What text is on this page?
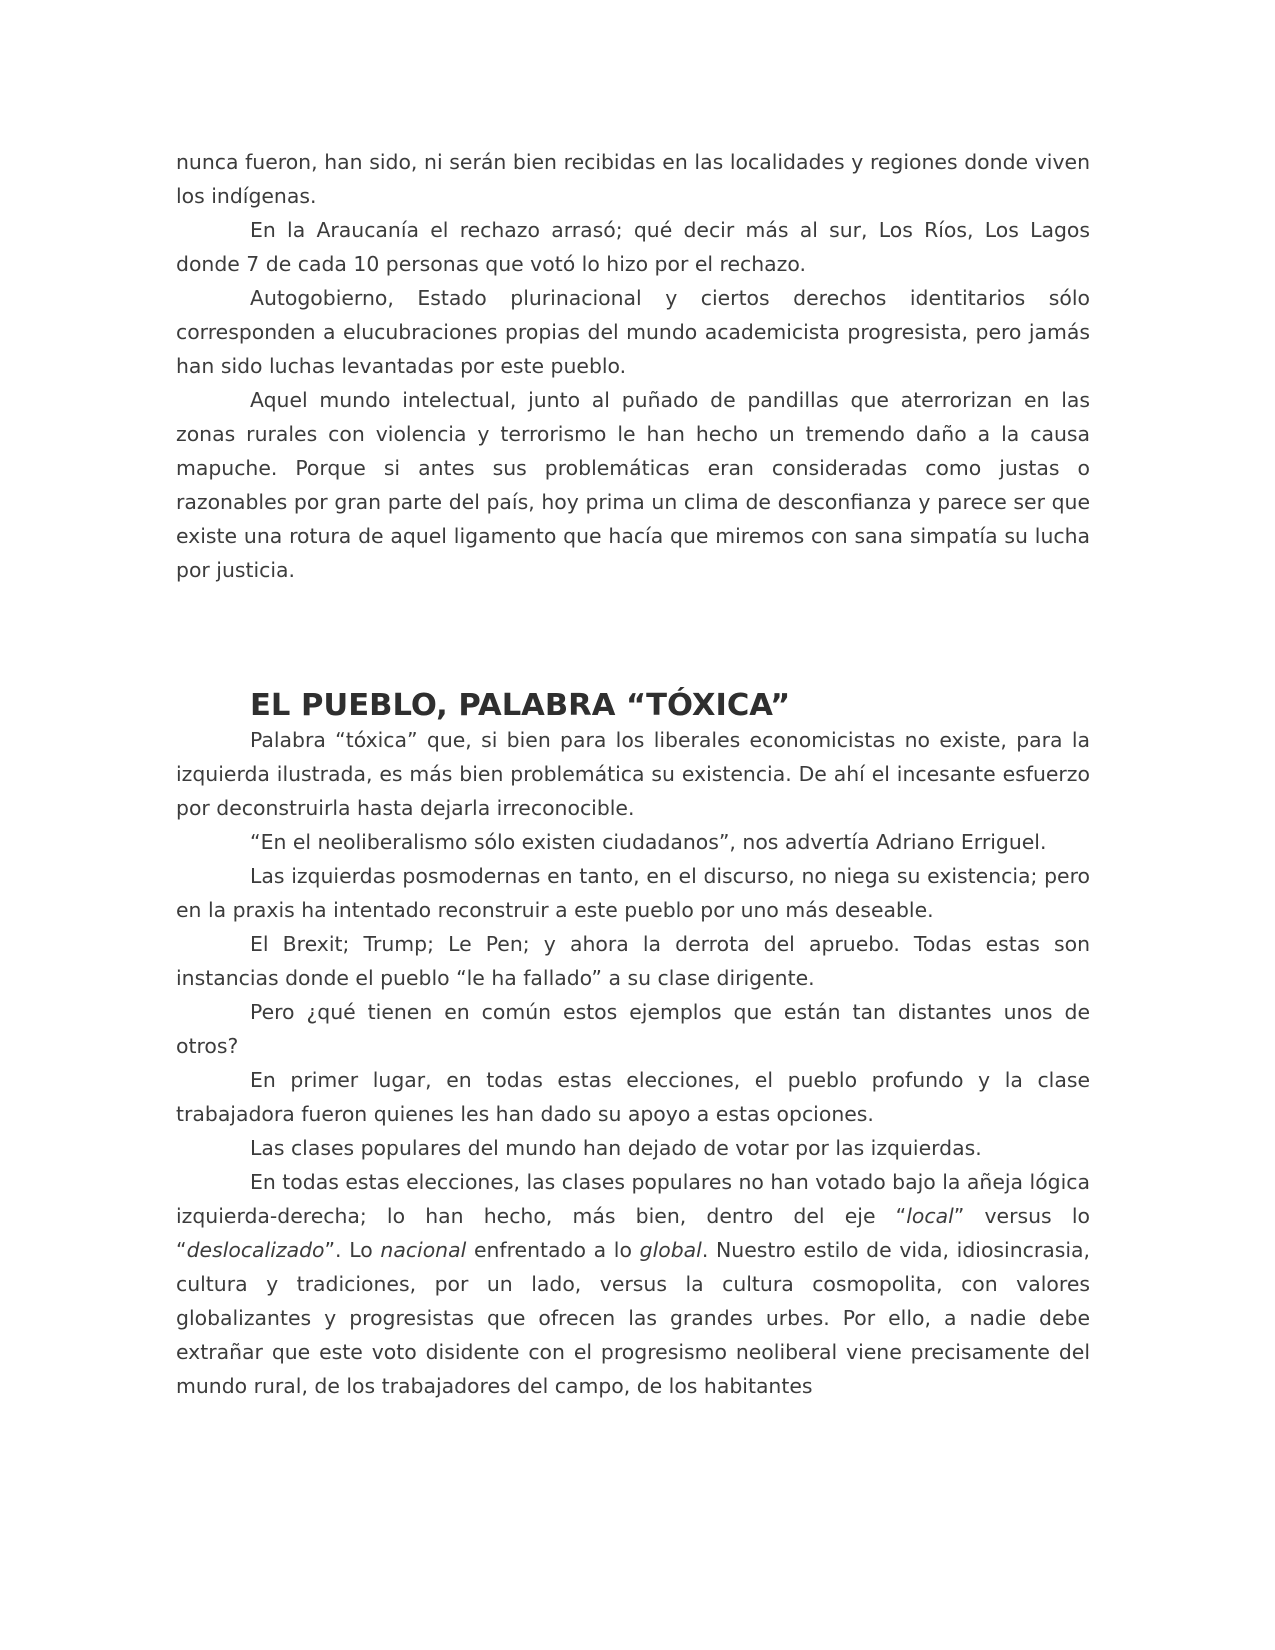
nunca fueron, han sido, ni serán bien recibidas en las localidades y regiones donde viven los indígenas.

En la Araucanía el rechazo arrasó; qué decir más al sur, Los Ríos, Los Lagos donde 7 de cada 10 personas que votó lo hizo por el rechazo.

Autogobierno, Estado plurinacional y ciertos derechos identitarios sólo corresponden a elucubraciones propias del mundo academicista progresista, pero jamás han sido luchas levantadas por este pueblo.

Aquel mundo intelectual, junto al puñado de pandillas que aterrorizan en las zonas rurales con violencia y terrorismo le han hecho un tremendo daño a la causa mapuche. Porque si antes sus problemáticas eran consideradas como justas o razonables por gran parte del país, hoy prima un clima de desconfianza y parece ser que existe una rotura de aquel ligamento que hacía que miremos con sana simpatía su lucha por justicia.

EL PUEBLO, PALABRA “TÓXICA”

Palabra “tóxica” que, si bien para los liberales economicistas no existe, para la izquierda ilustrada, es más bien problemática su existencia. De ahí el incesante esfuerzo por deconstruirla hasta dejarla irreconocible.

“En el neoliberalismo sólo existen ciudadanos”, nos advertía Adriano Erriguel.

Las izquierdas posmodernas en tanto, en el discurso, no niega su existencia; pero en la praxis ha intentado reconstruir a este pueblo por uno más deseable.

El Brexit; Trump; Le Pen; y ahora la derrota del apruebo. Todas estas son instancias donde el pueblo “le ha fallado” a su clase dirigente.

Pero ¿qué tienen en común estos ejemplos que están tan distantes unos de otros?

En primer lugar, en todas estas elecciones, el pueblo profundo y la clase trabajadora fueron quienes les han dado su apoyo a estas opciones.

Las clases populares del mundo han dejado de votar por las izquierdas.

En todas estas elecciones, las clases populares no han votado bajo la añeja lógica izquierda-derecha; lo han hecho, más bien, dentro del eje “local” versus lo “deslocalizado”. Lo nacional enfrentado a lo global. Nuestro estilo de vida, idiosincrasia, cultura y tradiciones, por un lado, versus la cultura cosmopolita, con valores globalizantes y progresistas que ofrecen las grandes urbes. Por ello, a nadie debe extrañar que este voto disidente con el progresismo neoliberal viene precisamente del mundo rural, de los trabajadores del campo, de los habitantes
